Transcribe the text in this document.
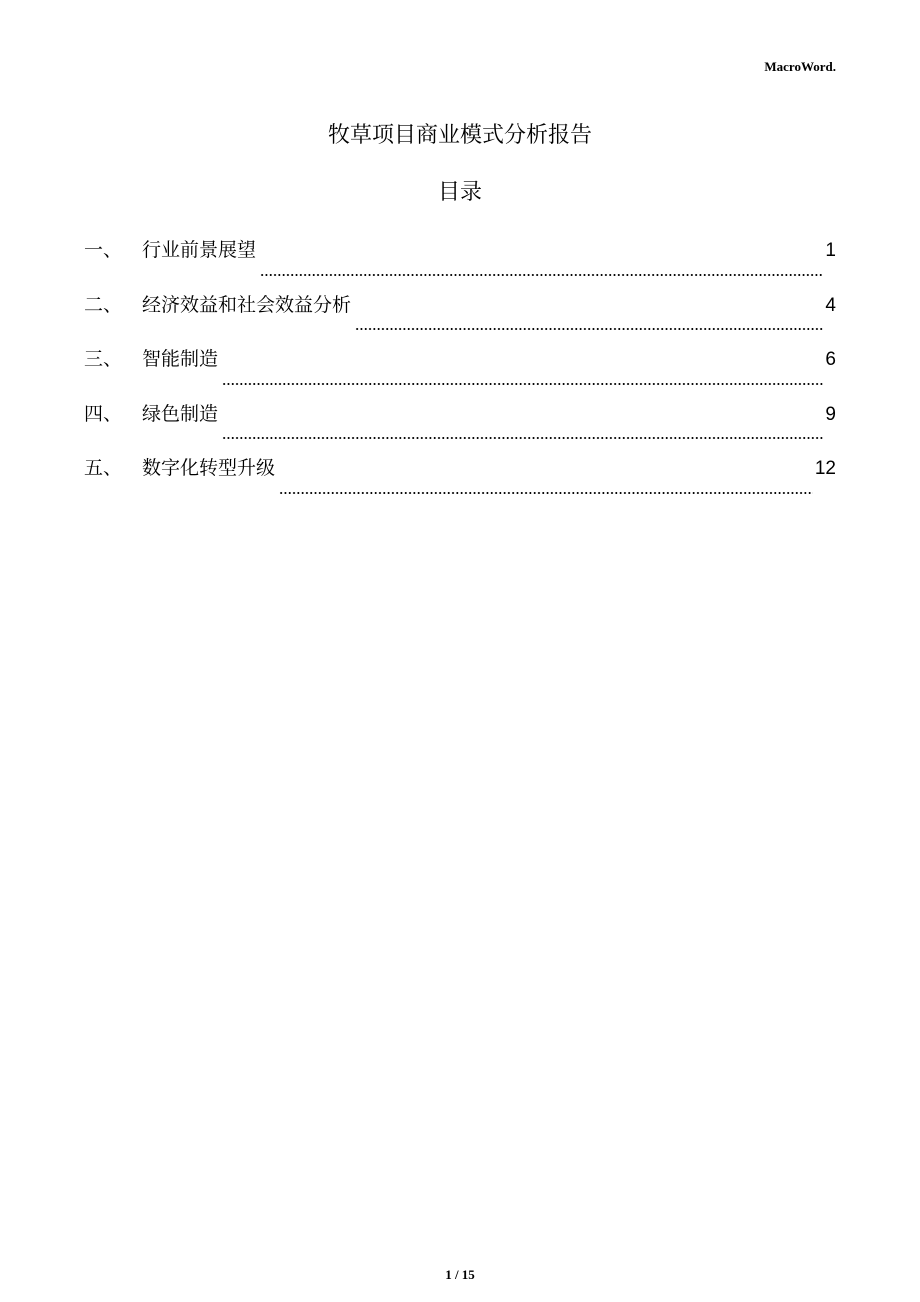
MacroWord.
牧草项目商业模式分析报告
目录
一、	行业前景展望	1
二、	经济效益和社会效益分析	4
三、	智能制造	6
四、	绿色制造	9
五、	数字化转型升级	12
1 / 15
